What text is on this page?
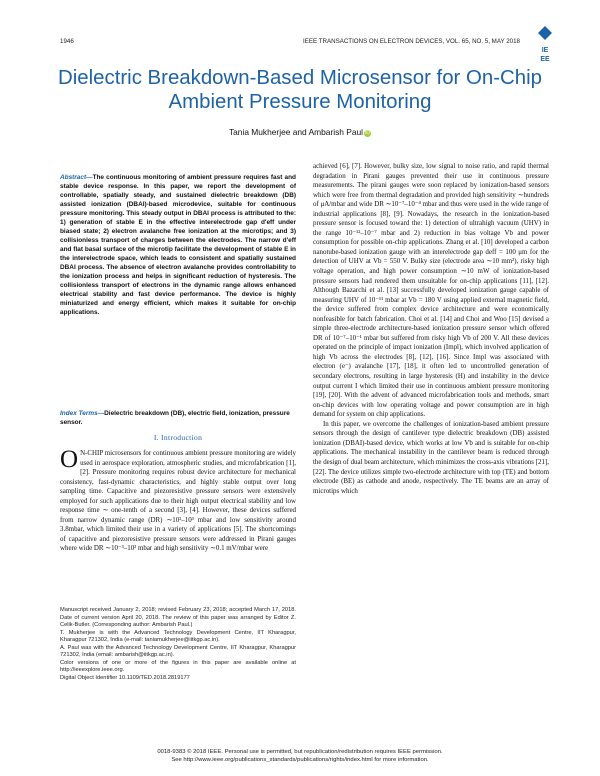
1946	IEEE TRANSACTIONS ON ELECTRON DEVICES, VOL. 65, NO. 5, MAY 2018
IE
EE
Dielectric Breakdown-Based Microsensor for On-Chip Ambient Pressure Monitoring
Tania Mukherjee and Ambarish Paul iD
Abstract—The continuous monitoring of ambient pressure requires fast and stable device response. In this paper, we report the development of controllable, spatially steady, and sustained dielectric breakdown (DB) assisted ionization (DBAI)-based microdevice, suitable for continuous pressure monitoring. This steady output in DBAI process is attributed to the: 1) generation of stable E in the effective interelectrode gap d′eff under biased state; 2) electron avalanche free ionization at the microtips; and 3) collisionless transport of charges between the electrodes. The narrow d′eff and flat basal surface of the microtip facilitate the development of stable E in the interelectrode space, which leads to consistent and spatially sustained DBAI process. The absence of electron avalanche provides controllability to the ionization process and helps in significant reduction of hysteresis. The collisionless transport of electrons in the dynamic range allows enhanced electrical stability and fast device performance. The device is highly miniaturized and energy efficient, which makes it suitable for on-chip applications.
Index Terms—Dielectric breakdown (DB), electric field, ionization, pressure sensor.
I. Introduction
O N-CHIP microsensors for continuous ambient pressure monitoring are widely used in aerospace exploration, atmospheric studies, and microfabrication [1], [2]. Pressure monitoring requires robust device architecture for mechanical consistency, fast-dynamic characteristics, and highly stable output over long sampling time. Capacitive and piezoresistive pressure sensors were extensively employed for such applications due to their high output electrical stability and low response time ∼ one-tenth of a second [3], [4]. However, these devices suffered from narrow dynamic range (DR) ∼10²–10³ mbar and low sensitivity around 3.8mbar, which limited their use in a variety of applications [5]. The shortcomings of capacitive and piezoresistive pressure sensors were addressed in Pirani gauges where wide DR ∼10⁻³–10³ mbar and high sensitivity ∼0.1 mV/mbar were

Manuscript received January 2, 2018; revised February 23, 2018; accepted March 17, 2018. Date of current version April 20, 2018. The review of this paper was arranged by Editor Z. Celik-Butler. (Corresponding author: Ambarish Paul.)

T. Mukherjee is with the Advanced Technology Development Centre, IIT Kharagpur, Kharagpur 721302, India (e-mail: taniamukherjee@iitkgp.ac.in).

A. Paul was with the Advanced Technology Development Centre, IIT Kharagpur, Kharagpur 721302, India (email: ambarish@iitkgp.ac.in).

Color versions of one or more of the figures in this paper are available online at http://ieeexplore.ieee.org.

Digital Object Identifier 10.1109/TED.2018.2819177

achieved [6], [7]. However, bulky size, low signal to noise ratio, and rapid thermal degradation in Pirani gauges prevented their use in continuous pressure measurements. The pirani gauges were soon replaced by ionization-based sensors which were free from thermal degradation and provided high sensitivity ∼hundreds of μA/mbar and wide DR ∼10⁻⁷–10⁻⁴ mbar and thus were used in the wide range of industrial applications [8], [9]. Nowadays, the research in the ionization-based pressure sensor is focused toward the: 1) detection of ultrahigh vacuum (UHV) in the range 10⁻¹²–10⁻⁷ mbar and 2) reduction in bias voltage Vb and power consumption for possible on-chip applications. Zhang et al. [10] developed a carbon nanotube-based ionization gauge with an interelectrode gap deff = 100 μm for the detection of UHV at Vb = 550 V. Bulky size (electrode area ∼10 mm²), risky high voltage operation, and high power consumption ∼10 mW of ionization-based pressure sensors had rendered them unsuitable for on-chip applications [11], [12]. Although Bazarchi et al. [13] successfully developed ionization gauge capable of measuring UHV of 10⁻¹¹ mbar at Vb = 180 V using applied external magnetic field, the device suffered from complex device architecture and were economically nonfeasible for batch fabrication. Choi et al. [14] and Choi and Woo [15] devised a simple three-electrode architecture-based ionization pressure sensor which offered DR of 10⁻⁷–10⁻¹ mbar but suffered from risky high Vb of 200 V. All these devices operated on the principle of impact ionization (Impl), which involved application of high Vb across the electrodes [8], [12], [16]. Since Impl was associated with electron (e⁻) avalanche [17], [18], it often led to uncontrolled generation of secondary electrons, resulting in large hysteresis (H) and instability in the device output current I which limited their use in continuous ambient pressure monitoring [19], [20]. With the advent of advanced microfabrication tools and methods, smart on-chip devices with low operating voltage and power consumption are in high demand for system on chip applications.

In this paper, we overcome the challenges of ionization-based ambient pressure sensors through the design of cantilever type dielectric breakdown (DB) assisted ionization (DBAI)-based device, which works at low Vb and is suitable for on-chip applications. The mechanical instability in the cantilever beam is reduced through the design of dual beam architecture, which minimizes the cross-axis vibrations [21], [22]. The device utilizes simple two-electrode architecture with top (TE) and bottom electrode (BE) as cathode and anode, respectively. The TE beams are an array of microtips which

0018-9383 © 2018 IEEE. Personal use is permitted, but republication/redistribution requires IEEE permission.
See http://www.ieee.org/publications_standards/publications/rights/index.html for more information.
